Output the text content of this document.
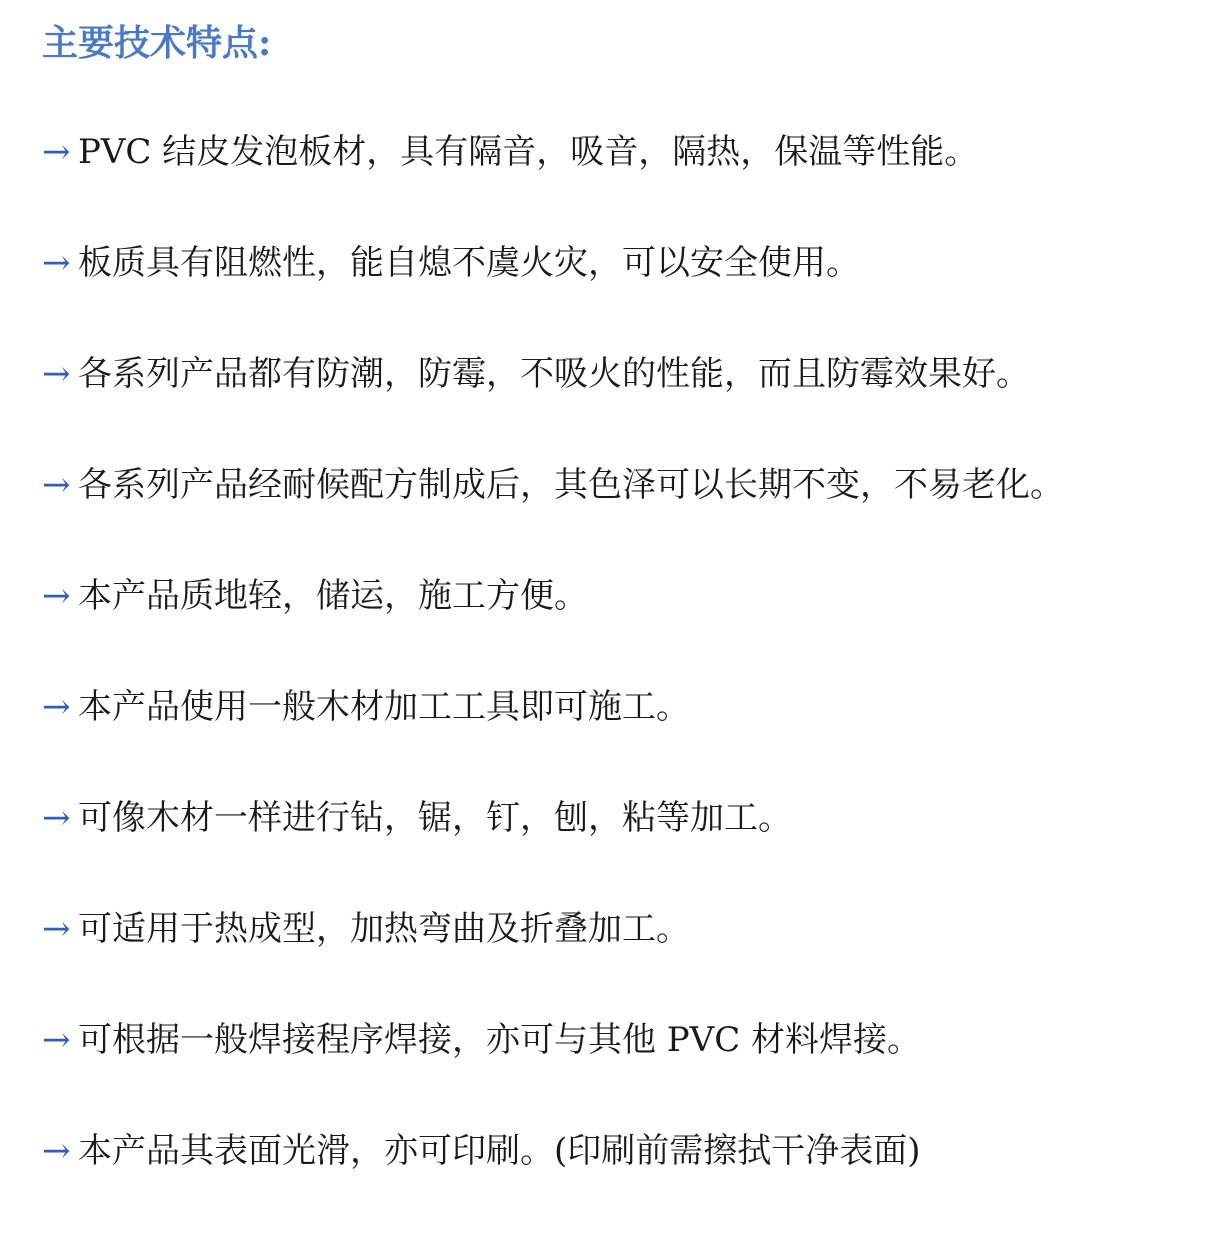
主要技术特点:
→ PVC 结皮发泡板材，具有隔音，吸音，隔热，保温等性能。
→ 板质具有阻燃性，能自熄不虞火灾，可以安全使用。
→ 各系列产品都有防潮，防霉，不吸火的性能，而且防霉效果好。
→ 各系列产品经耐候配方制成后，其色泽可以长期不变，不易老化。
→ 本产品质地轻，储运，施工方便。
→ 本产品使用一般木材加工工具即可施工。
→ 可像木材一样进行钻，锯，钉，刨，粘等加工。
→ 可适用于热成型，加热弯曲及折叠加工。
→ 可根据一般焊接程序焊接，亦可与其他 PVC 材料焊接。
→ 本产品其表面光滑，亦可印刷。(印刷前需擦拭干净表面)
